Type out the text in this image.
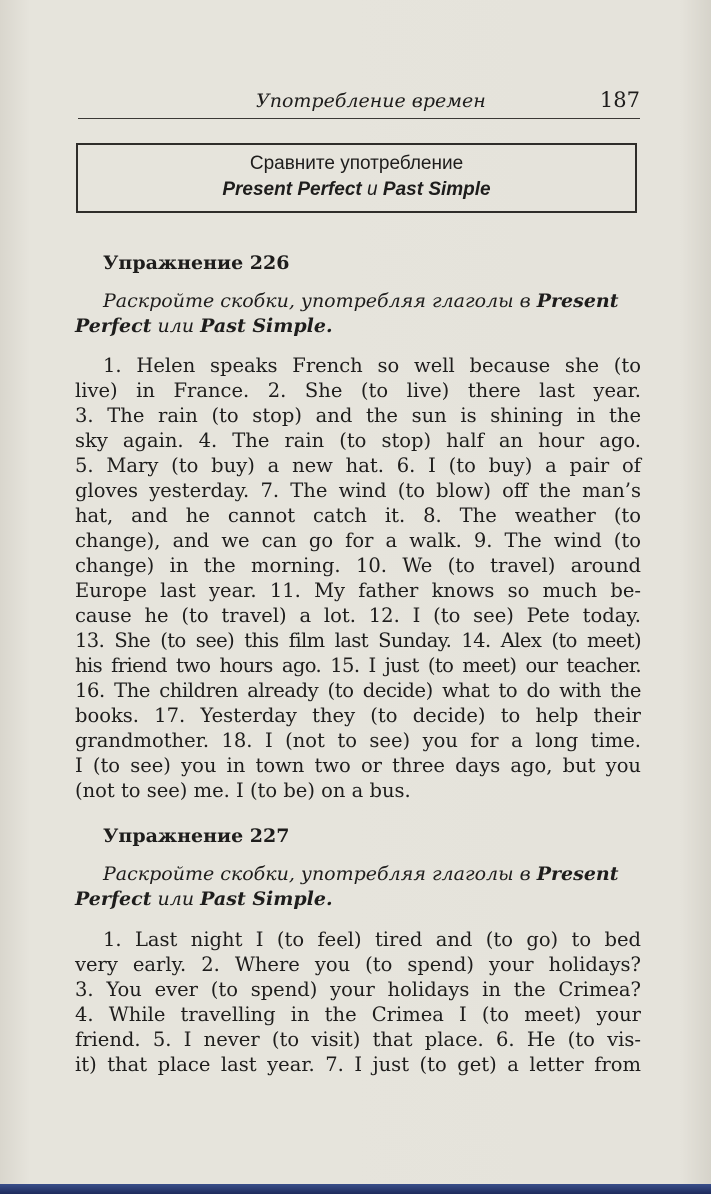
Употребление времен	187
Сравните употребление
Present Perfect и Past Simple
Упражнение 226
Раскройте скобки, употребляя глаголы в Present
Perfect или Past Simple.
1. Helen speaks French so well because she (to
live) in France. 2. She (to live) there last year.
3. The rain (to stop) and the sun is shining in the
sky again. 4. The rain (to stop) half an hour ago.
5. Mary (to buy) a new hat. 6. I (to buy) a pair of
gloves yesterday. 7. The wind (to blow) off the man’s
hat, and he cannot catch it. 8. The weather (to
change), and we can go for a walk. 9. The wind (to
change) in the morning. 10. We (to travel) around
Europe last year. 11. My father knows so much be-
cause he (to travel) a lot. 12. I (to see) Pete today.
13. She (to see) this film last Sunday. 14. Alex (to meet)
his friend two hours ago. 15. I just (to meet) our teacher.
16. The children already (to decide) what to do with the
books. 17. Yesterday they (to decide) to help their
grandmother. 18. I (not to see) you for a long time.
I (to see) you in town two or three days ago, but you
(not to see) me. I (to be) on a bus.
Упражнение 227
Раскройте скобки, употребляя глаголы в Present
Perfect или Past Simple.
1. Last night I (to feel) tired and (to go) to bed
very early. 2. Where you (to spend) your holidays?
3. You ever (to spend) your holidays in the Crimea?
4. While travelling in the Crimea I (to meet) your
friend. 5. I never (to visit) that place. 6. He (to vis-
it) that place last year. 7. I just (to get) a letter from
